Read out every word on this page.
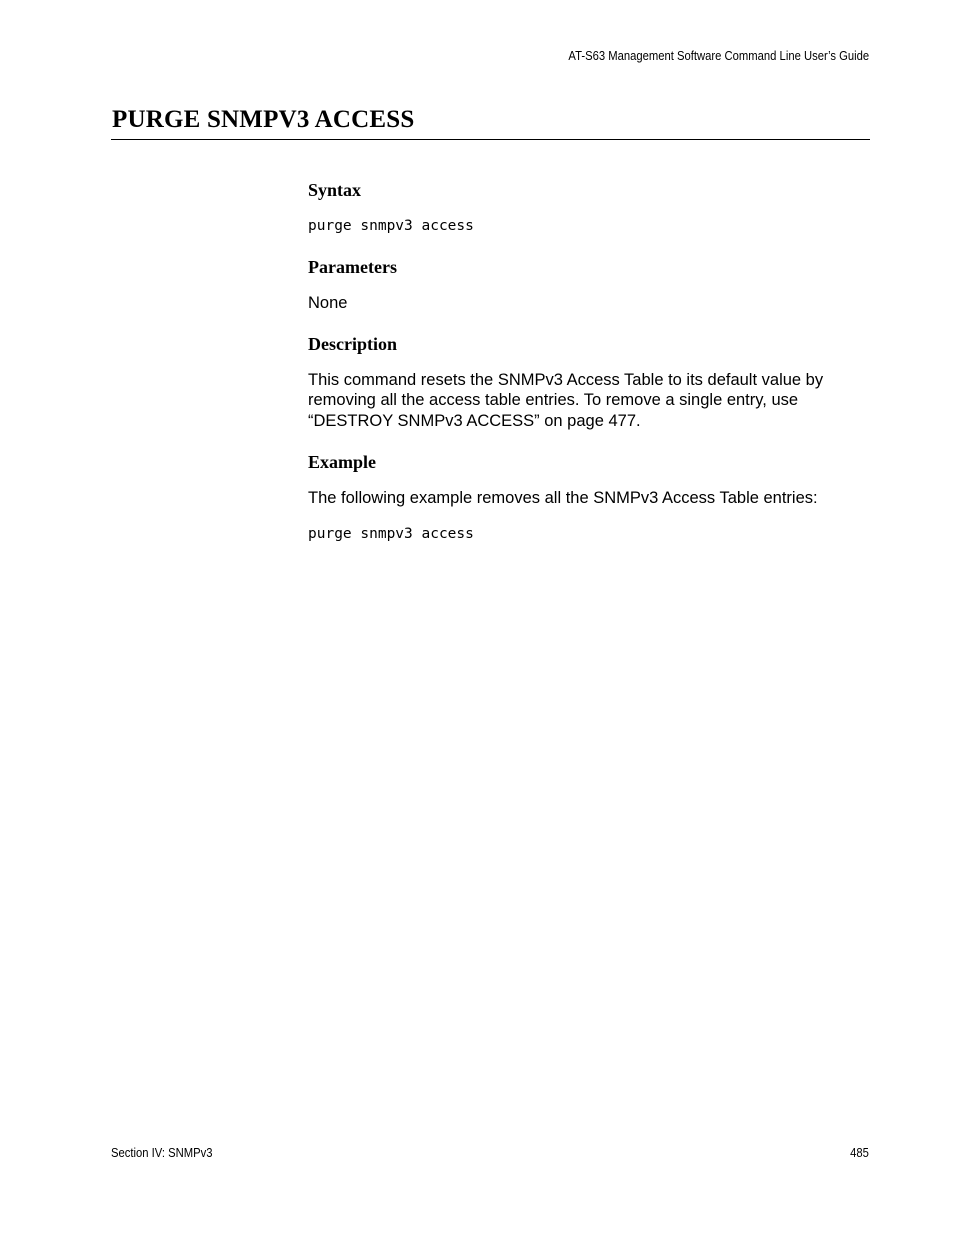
AT-S63 Management Software Command Line User’s Guide
PURGE SNMPV3 ACCESS
Syntax
purge snmpv3 access
Parameters

None

Description

This command resets the SNMPv3 Access Table to its default value by

removing all the access table entries. To remove a single entry, use

“DESTROY SNMPv3 ACCESS” on page 477.

Example

The following example removes all the SNMPv3 Access Table entries:

purge snmpv3 access
Section IV: SNMPv3	485
